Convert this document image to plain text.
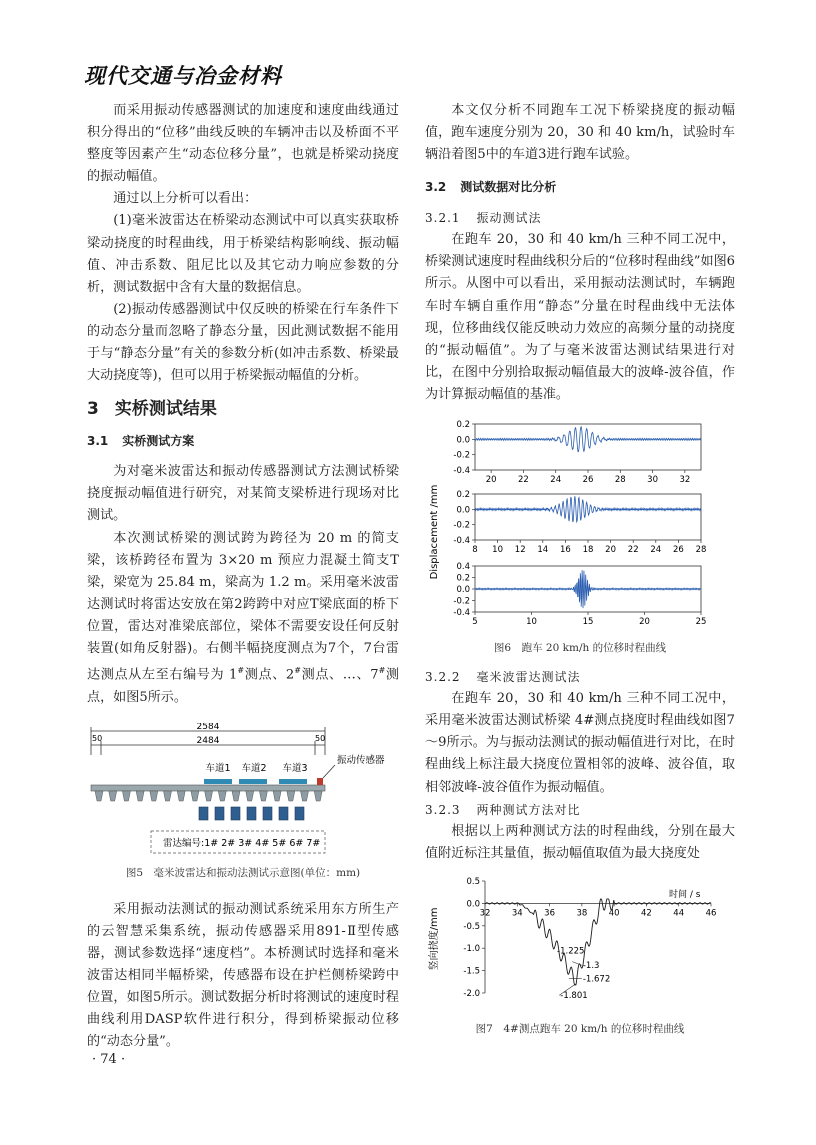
现代交通与冶金材料

而采用振动传感器测试的加速度和速度曲线通过积分得出的“位移”曲线反映的车辆冲击以及桥面不平整度等因素产生“动态位移分量”，也就是桥梁动挠度的振动幅值。

通过以上分析可以看出：

(1)毫米波雷达在桥梁动态测试中可以真实获取桥梁动挠度的时程曲线，用于桥梁结构影响线、振动幅值、冲击系数、阻尼比以及其它动力响应参数的分析，测试数据中含有大量的数据信息。

(2)振动传感器测试中仅反映的桥梁在行车条件下的动态分量而忽略了静态分量，因此测试数据不能用于与“静态分量”有关的参数分析(如冲击系数、桥梁最大动挠度等)，但可以用于桥梁振动幅值的分析。

3 实桥测试结果
3.1 实桥测试方案

为对毫米波雷达和振动传感器测试方法测试桥梁挠度振动幅值进行研究，对某简支梁桥进行现场对比测试。

本次测试桥梁的测试跨为跨径为 20 m 的简支梁，该桥跨径布置为 3×20 m 预应力混凝土简支T梁，梁宽为 25.84 m，梁高为 1.2 m。采用毫米波雷达测试时将雷达安放在第2跨跨中对应T梁底面的桥下位置，雷达对准梁底部位，梁体不需要安设任何反射装置(如角反射器)。右侧半幅挠度测点为7个，7台雷达测点从左至右编号为 1#测点、2#测点、…、7#测点，如图5所示。

2584
2484
50	50
车道1 车道2 车道3
振动传感器
雷达编号:1# 2# 3# 4# 5# 6# 7#
图5　毫米波雷达和振动法测试示意图(单位：mm)

采用振动法测试的振动测试系统采用东方所生产的云智慧采集系统，振动传感器采用891-Ⅱ型传感器，测试参数选择“速度档”。本桥测试时选择和毫米波雷达相同半幅桥梁，传感器布设在护栏侧桥梁跨中位置，如图5所示。测试数据分析时将测试的速度时程曲线利用DASP软件进行积分，得到桥梁振动位移的“动态分量”。

本文仅分析不同跑车工况下桥梁挠度的振动幅值，跑车速度分别为 20，30 和 40 km/h，试验时车辆沿着图5中的车道3进行跑车试验。

3.2 测试数据对比分析
3.2.1 振动测试法

在跑车 20，30 和 40 km/h 三种不同工况中，桥梁测试速度时程曲线积分后的“位移时程曲线”如图6所示。从图中可以看出，采用振动法测试时，车辆跑车时车辆自重作用“静态”分量在时程曲线中无法体现，位移曲线仅能反映动力效应的高频分量的动挠度的“振动幅值”。为了与毫米波雷达测试结果进行对比，在图中分别拾取振动幅值最大的波峰-波谷值，作为计算振动幅值的基准。

Displacement /mm
0.2
0.0
-0.2
-0.4
20	22	24	26	28	30	32
0.2
0.0
-0.2
-0.4
8 10 12 14 16 18 20 22 24 26 28
0.4
0.2
0.0
-0.2
-0.4
5	10	15	20	25
图6　跑车 20 km/h 的位移时程曲线
3.2.2 毫米波雷达测试法

在跑车 20，30 和 40 km/h 三种不同工况中，采用毫米波雷达测试桥梁 4#测点挠度时程曲线如图7～9所示。为与振动法测试的振动幅值进行对比，在时程曲线上标注最大挠度位置相邻的波峰、波谷值，取相邻波峰-波谷值作为振动幅值。

3.2.3 两种测试方法对比

根据以上两种测试方法的时程曲线，分别在最大值附近标注其量值，振动幅值取值为最大挠度处

竖向挠度/mm
0.5
0.0
-0.5
-1.0
-1.5
-2.0
32	34	36	38	40	42	44	46
时间 / s
-1.225
-1.3
-1.672
-1.801
图7　4#测点跑车 20 km/h 的位移时程曲线
· 74 ·
